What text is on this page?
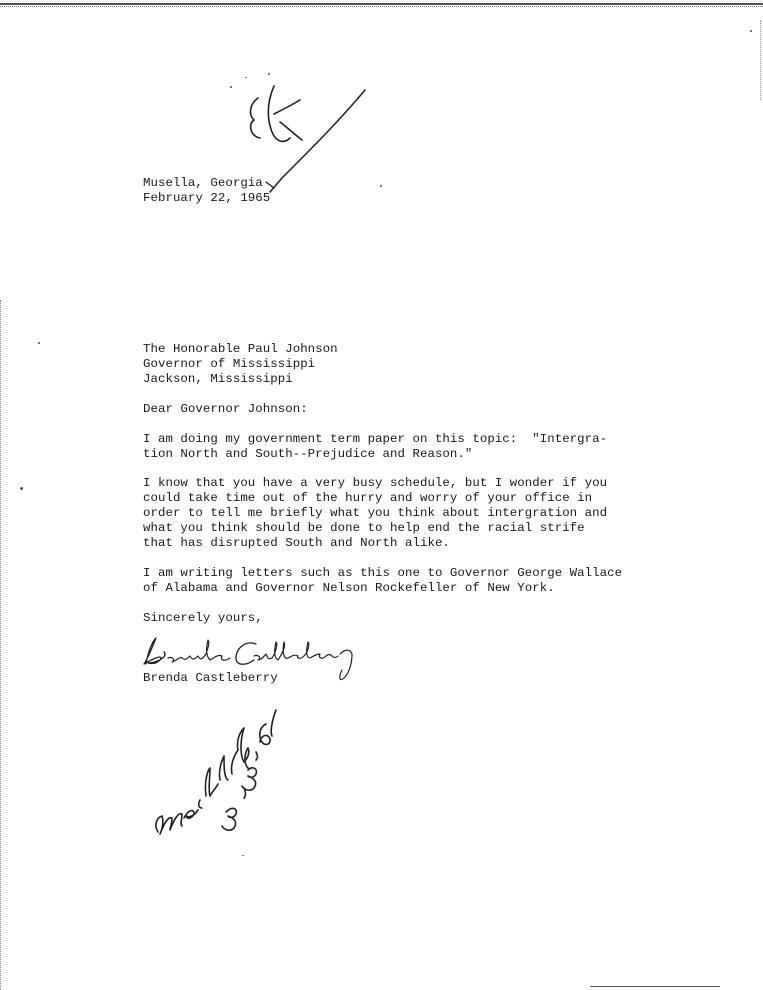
Musella, Georgia
February 22, 1965
The Honorable Paul Johnson
Governor of Mississippi
Jackson, Mississippi
Dear Governor Johnson:
I am doing my government term paper on this topic:  "Intergra-
tion North and South--Prejudice and Reason."
I know that you have a very busy schedule, but I wonder if you
could take time out of the hurry and worry of your office in
order to tell me briefly what you think about intergration and
what you think should be done to help end the racial strife
that has disrupted South and North alike.
I am writing letters such as this one to Governor George Wallace
of Alabama and Governor Nelson Rockefeller of New York.
Sincerely yours,
Brenda Castleberry
